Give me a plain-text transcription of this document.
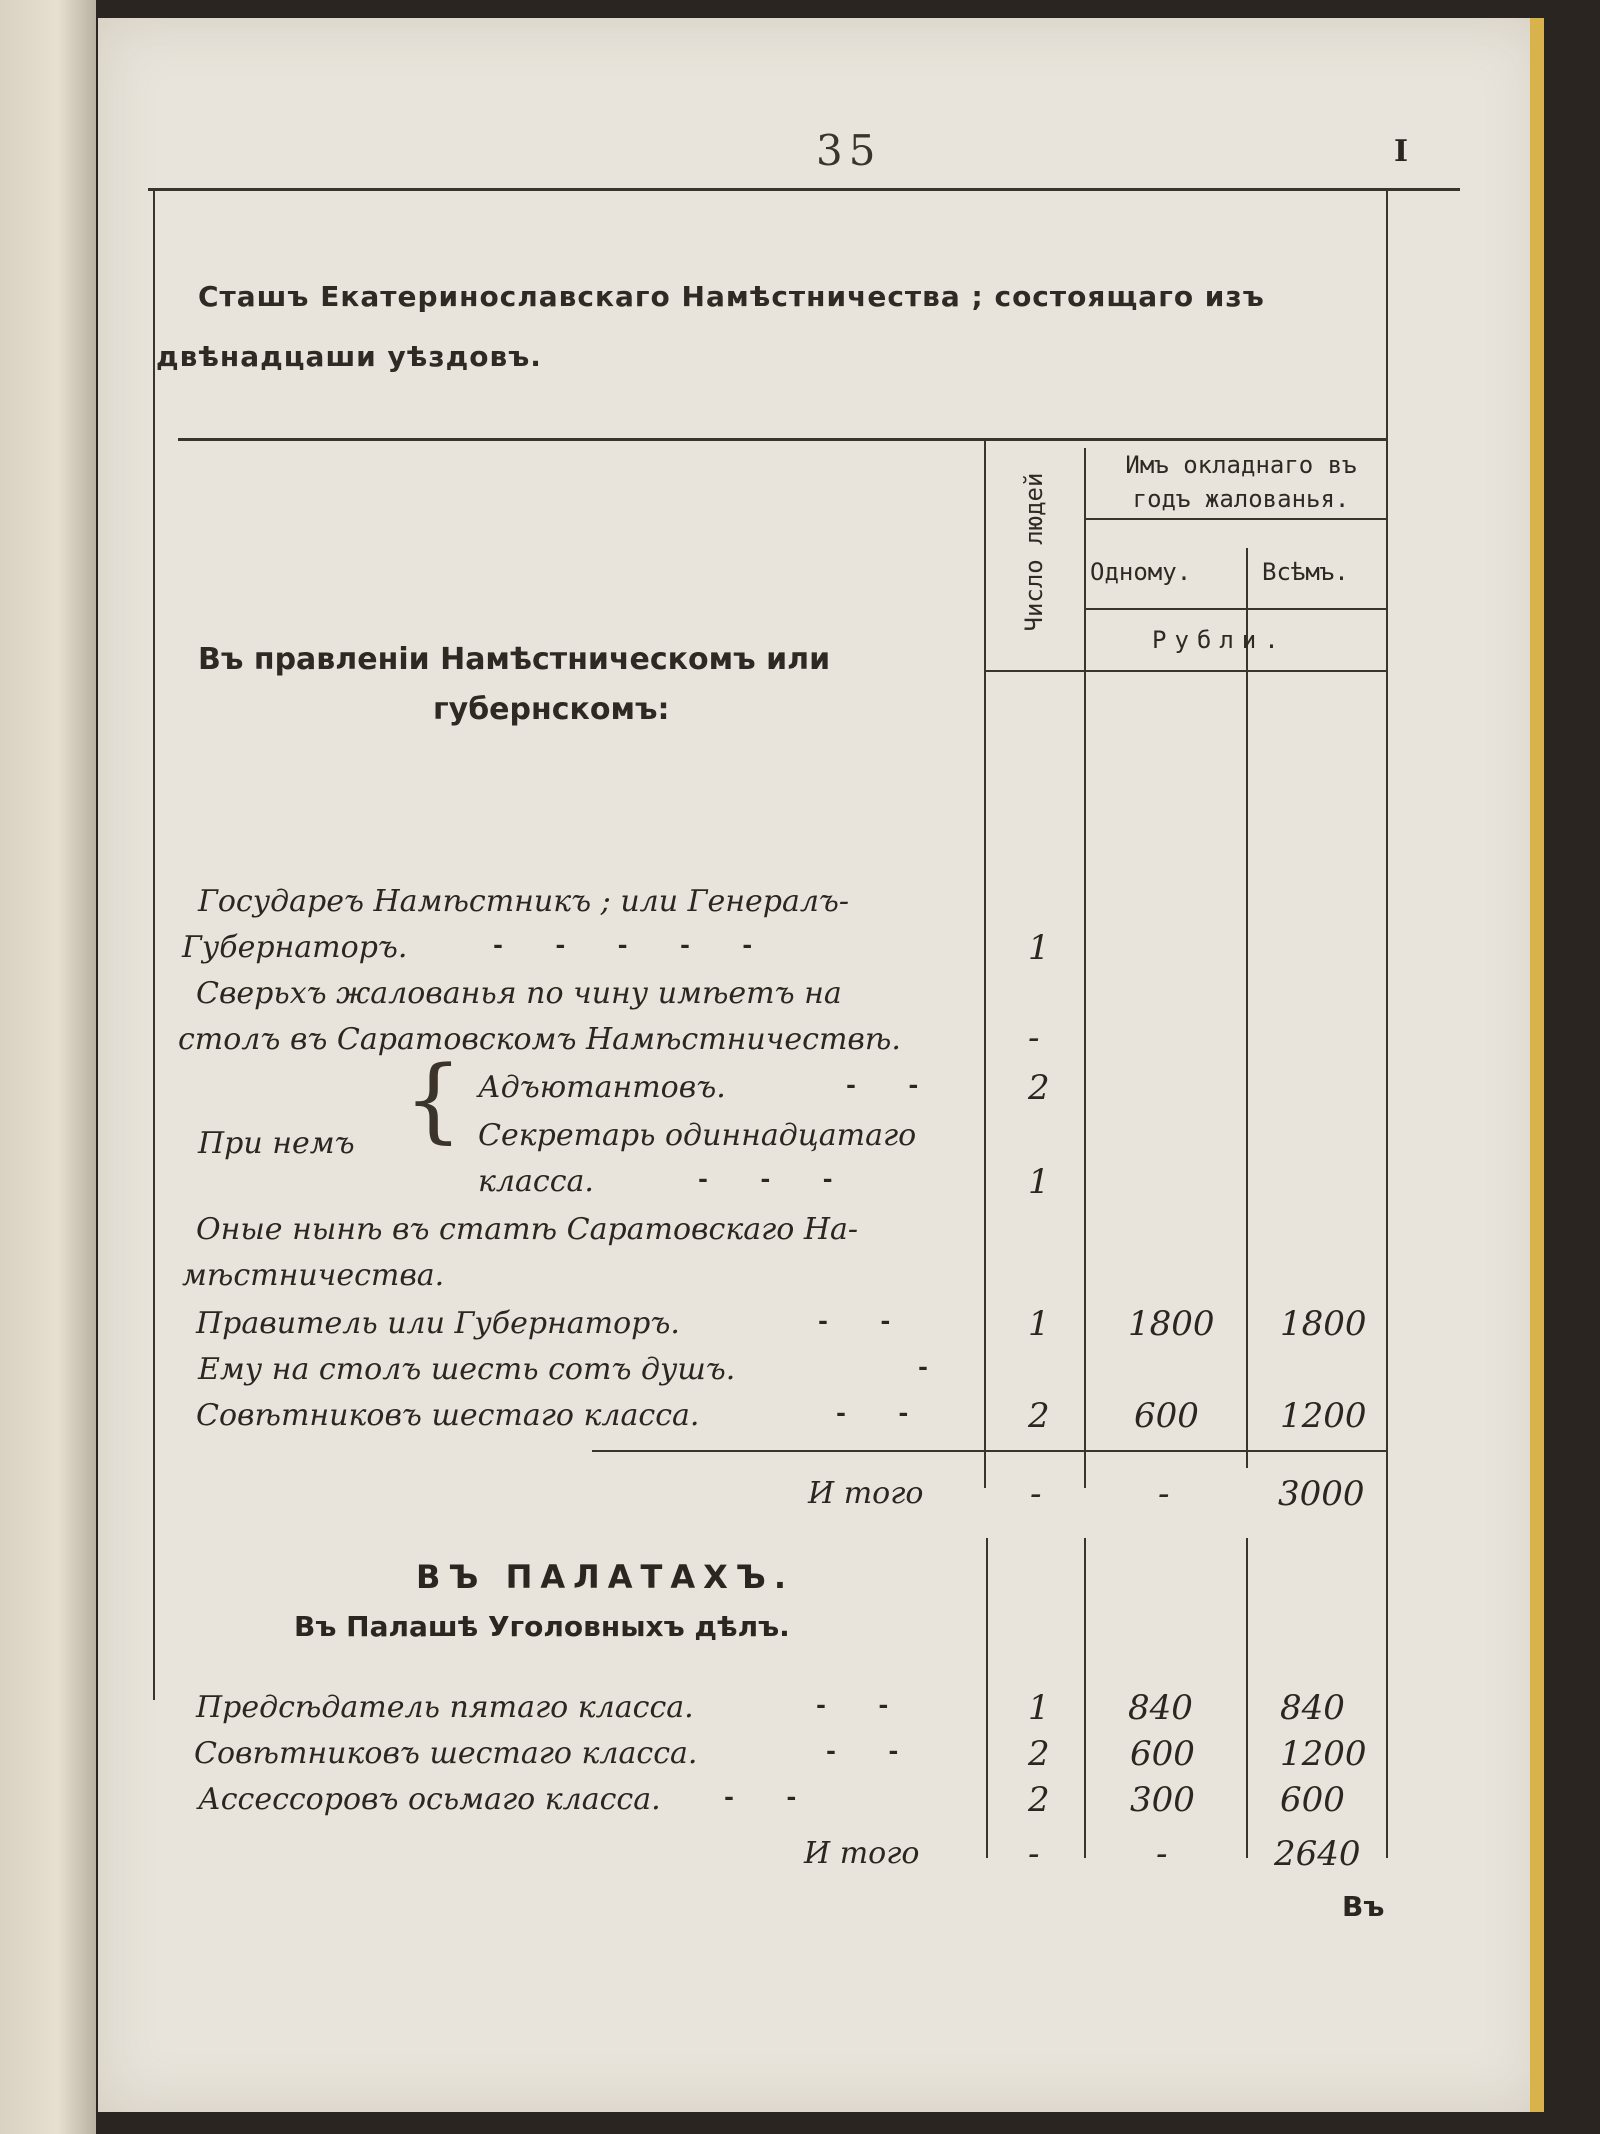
35	I
Сташъ Екатеринославскаго Намѣстничества ; состоящаго изъ
двѣнадцаши уѣздовъ.
Число людей
Имъ окладнаго въ годъ жалованья.
Одному.	Всѣмъ.
Рубли.
Въ правленіи Намѣстническомъ или
губернскомъ:
Государеъ Намѣстникъ ; или Генералъ-
Губернаторъ.	- - - - -	1
Сверьхъ жалованья по чину имѣетъ на
столъ въ Саратовскомъ Намѣстничествѣ.	-
При немъ { Адъютантовъ.	- -	2
Секретарь одиннадцатаго
класса.	- - -	1
Оные нынѣ въ статѣ Саратовскаго На-
мѣстничества.
Правитель или Губернаторъ.	- -	1 1800 1800
Ему на столъ шесть сотъ душъ.	-
Совѣтниковъ шестаго класса.	- -	2 600 1200
И того	-	-	3000
ВЪ ПАЛАТАХЪ.
Въ Палашѣ Уголовныхъ дѣлъ.
Предсѣдатель пятаго класса.	- -	1 840	840
Совѣтниковъ шестаго класса.	- -	2 600	1200
Ассессоровъ осьмаго класса.	- -	2 300	600
И того	-	-	2640
Въ
